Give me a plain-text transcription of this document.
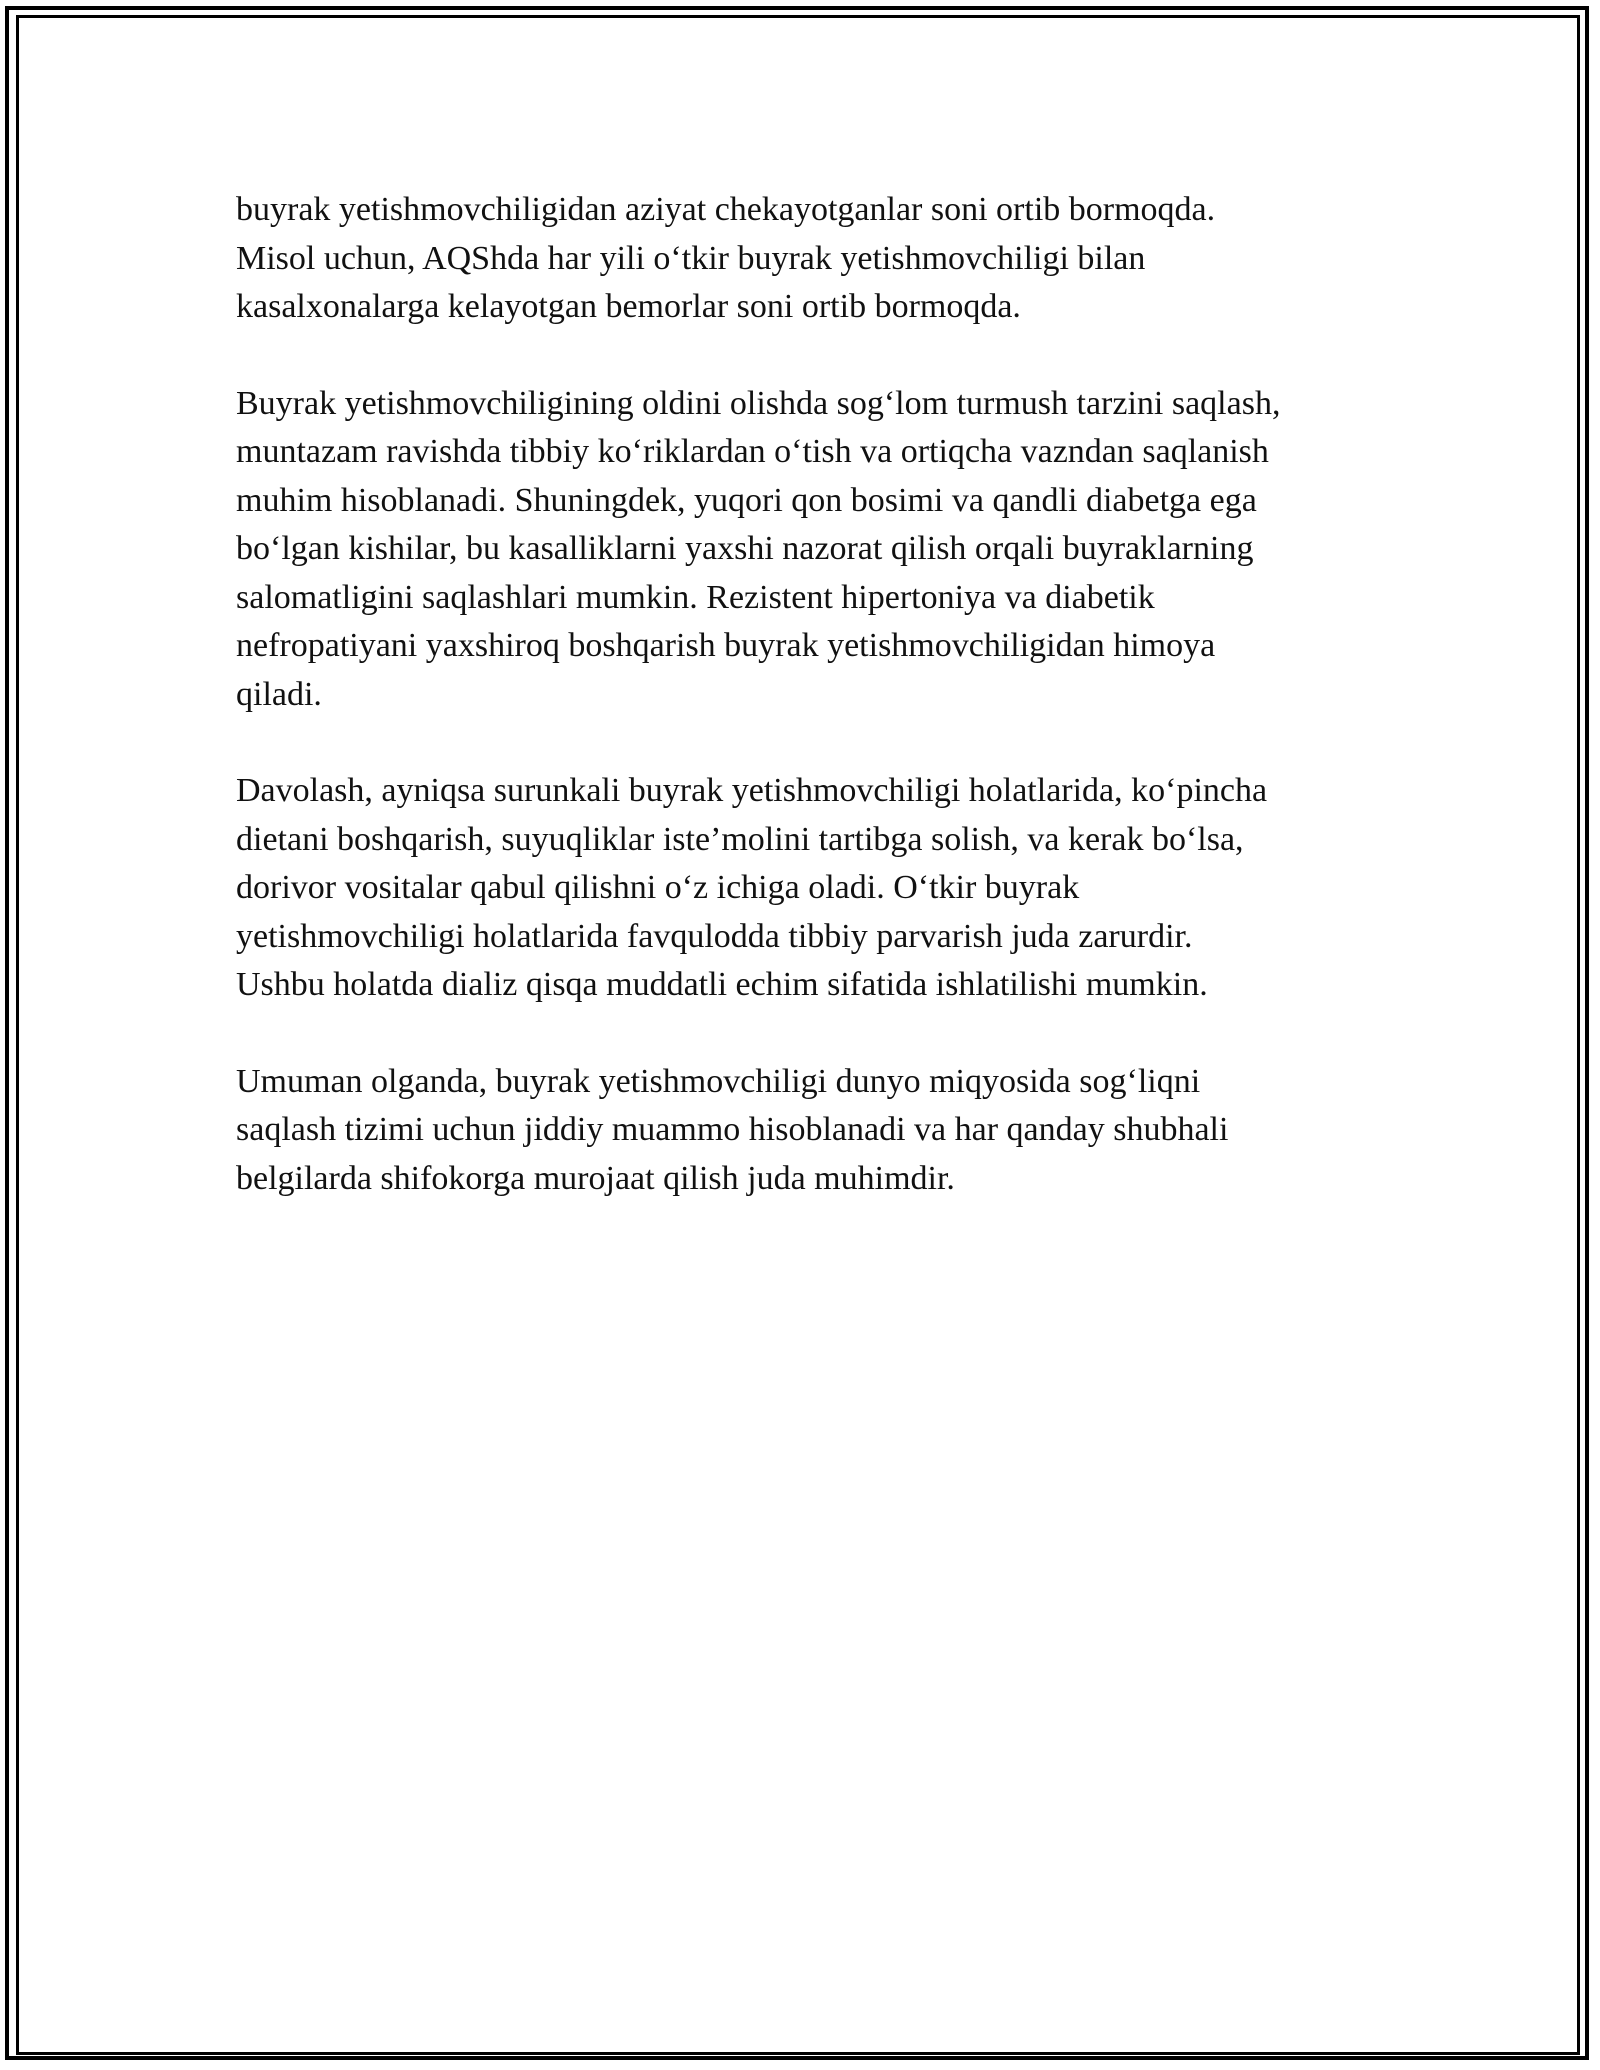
buyrak yetishmovchiligidan aziyat chekayotganlar soni ortib bormoqda.
Misol uchun, AQShda har yili o‘tkir buyrak yetishmovchiligi bilan
kasalxonalarga kelayotgan bemorlar soni ortib bormoqda.

Buyrak yetishmovchiligining oldini olishda sog‘lom turmush tarzini saqlash,
muntazam ravishda tibbiy ko‘riklardan o‘tish va ortiqcha vazndan saqlanish
muhim hisoblanadi. Shuningdek, yuqori qon bosimi va qandli diabetga ega
bo‘lgan kishilar, bu kasalliklarni yaxshi nazorat qilish orqali buyraklarning
salomatligini saqlashlari mumkin. Rezistent hipertoniya va diabetik
nefropatiyani yaxshiroq boshqarish buyrak yetishmovchiligidan himoya
qiladi.

Davolash, ayniqsa surunkali buyrak yetishmovchiligi holatlarida, ko‘pincha
dietani boshqarish, suyuqliklar iste’molini tartibga solish, va kerak bo‘lsa,
dorivor vositalar qabul qilishni o‘z ichiga oladi. O‘tkir buyrak
yetishmovchiligi holatlarida favqulodda tibbiy parvarish juda zarurdir.
Ushbu holatda dializ qisqa muddatli echim sifatida ishlatilishi mumkin.

Umuman olganda, buyrak yetishmovchiligi dunyo miqyosida sog‘liqni
saqlash tizimi uchun jiddiy muammo hisoblanadi va har qanday shubhali
belgilarda shifokorga murojaat qilish juda muhimdir.
